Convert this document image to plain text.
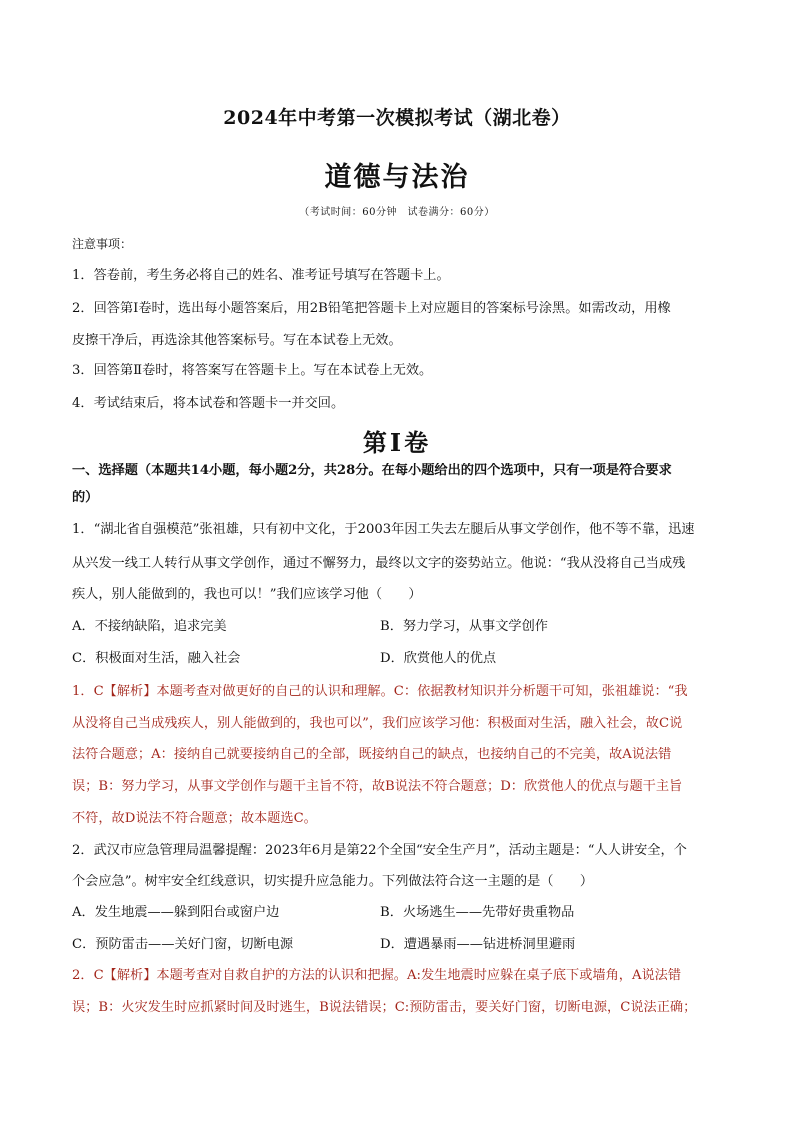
2024年中考第一次模拟考试（湖北卷）
道德与法治
（考试时间：60分钟　试卷满分：60分）
注意事项：
1．答卷前，考生务必将自己的姓名、准考证号填写在答题卡上。
2．回答第Ⅰ卷时，选出每小题答案后，用2B铅笔把答题卡上对应题目的答案标号涂黑。如需改动，用橡
皮擦干净后，再选涂其他答案标号。写在本试卷上无效。
3．回答第Ⅱ卷时，将答案写在答题卡上。写在本试卷上无效。
4．考试结束后，将本试卷和答题卡一并交回。
第Ⅰ卷
一、选择题（本题共14小题，每小题2分，共28分。在每小题给出的四个选项中，只有一项是符合要求
的）
1．“湖北省自强模范”张祖雄，只有初中文化，于2003年因工失去左腿后从事文学创作，他不等不靠，迅速
从兴发一线工人转行从事文学创作，通过不懈努力，最终以文字的姿势站立。他说：“我从没将自己当成残
疾人，别人能做到的，我也可以！”我们应该学习他（　　）
A．不接纳缺陷，追求完美	B．努力学习，从事文学创作
C．积极面对生活，融入社会	D．欣赏他人的优点
1．C【解析】本题考查对做更好的自己的认识和理解。C：依据教材知识并分析题干可知，张祖雄说：“我
从没将自己当成残疾人，别人能做到的，我也可以”，我们应该学习他：积极面对生活，融入社会，故C说
法符合题意；A：接纳自己就要接纳自己的全部，既接纳自己的缺点，也接纳自己的不完美，故A说法错
误；B：努力学习，从事文学创作与题干主旨不符，故B说法不符合题意；D：欣赏他人的优点与题干主旨
不符，故D说法不符合题意；故本题选C。
2．武汉市应急管理局温馨提醒：2023年6月是第22个全国“安全生产月”，活动主题是：“人人讲安全，个
个会应急”。树牢安全红线意识，切实提升应急能力。下列做法符合这一主题的是（　　）
A．发生地震——躲到阳台或窗户边	B．火场逃生——先带好贵重物品
C．预防雷击——关好门窗，切断电源	D．遭遇暴雨——钻进桥洞里避雨
2．C【解析】本题考查对自救自护的方法的认识和把握。A:发生地震时应躲在桌子底下或墙角，A说法错
误；B：火灾发生时应抓紧时间及时逃生，B说法错误；C:预防雷击，要关好门窗，切断电源，C说法正确；
